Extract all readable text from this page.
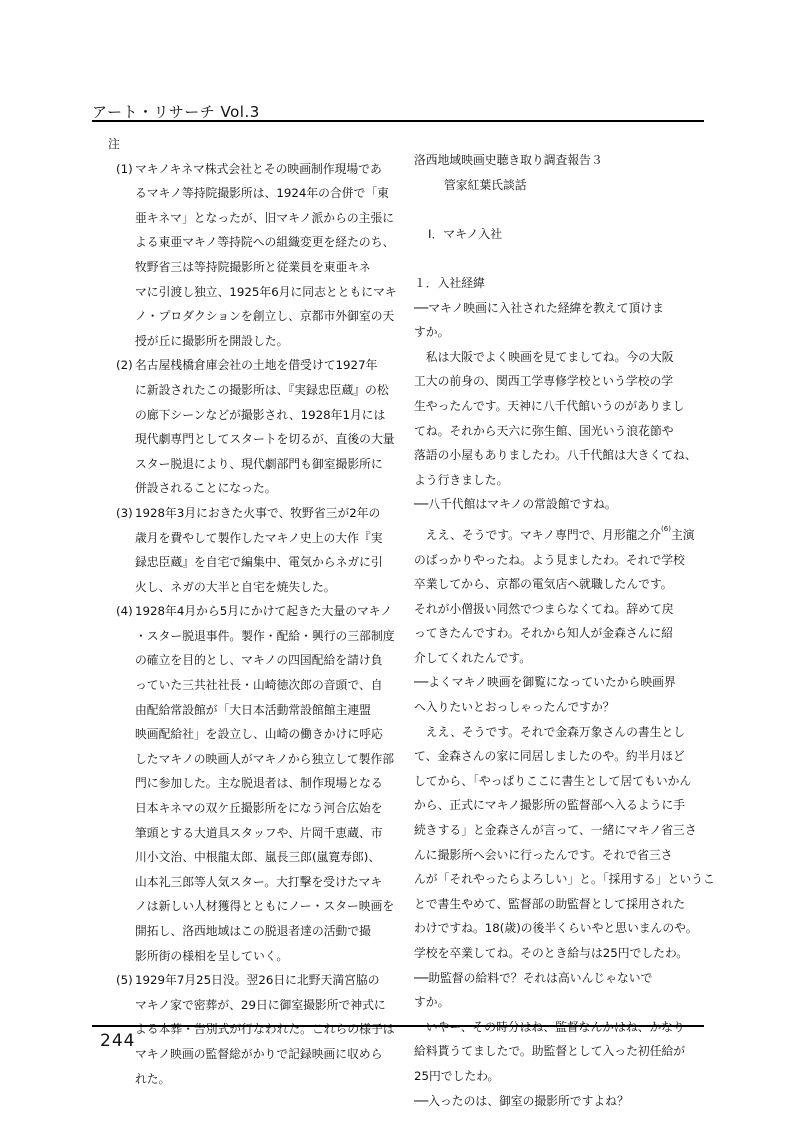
アート・リサーチ Vol.3
注
(1) マキノキネマ株式会社とその映画制作現場であ
るマキノ等持院撮影所は、1924年の合併で「東
亜キネマ」となったが、旧マキノ派からの主張に
よる東亜マキノ等持院への組織変更を経たのち、
牧野省三は等持院撮影所と従業員を東亜キネ
マに引渡し独立、1925年6月に同志とともにマキ
ノ・プロダクションを創立し、京都市外御室の天
授が丘に撮影所を開設した。
(2) 名古屋桟橋倉庫会社の土地を借受けて1927年
に新設されたこの撮影所は、『実録忠臣蔵』の松
の廊下シーンなどが撮影され、1928年1月には
現代劇専門としてスタートを切るが、直後の大量
スター脱退により、現代劇部門も御室撮影所に
併設されることになった。
(3) 1928年3月におきた火事で、牧野省三が2年の
歳月を費やして製作したマキノ史上の大作『実
録忠臣蔵』を自宅で編集中、電気からネガに引
火し、ネガの大半と自宅を焼失した。
(4) 1928年4月から5月にかけて起きた大量のマキノ
・スター脱退事件。製作・配給・興行の三部制度
の確立を目的とし、マキノの四国配給を請け負
っていた三共社社長・山崎徳次郎の音頭で、自
由配給常設館が「大日本活動常設館館主連盟
映画配給社」を設立し、山崎の働きかけに呼応
したマキノの映画人がマキノから独立して製作部
門に参加した。主な脱退者は、制作現場となる
日本キネマの双ケ丘撮影所をになう河合広始を
筆頭とする大道具スタッフや、片岡千恵蔵、市
川小文治、中根龍太郎、嵐長三郎(嵐寛寿郎)、
山本礼三郎等人気スター。大打撃を受けたマキ
ノは新しい人材獲得とともにノー・スター映画を
開拓し、洛西地域はこの脱退者達の活動で撮
影所街の様相を呈していく。
(5) 1929年7月25日没。翌26日に北野天満宮脇の
マキノ家で密葬が、29日に御室撮影所で神式に
よる本葬・告別式が行なわれた。これらの様子は
マキノ映画の監督総がかりで記録映画に収めら
れた。
洛西地域映画史聴き取り調査報告３
管家紅葉氏談話
Ⅰ．マキノ入社
１．入社経緯
──マキノ映画に入社された経緯を教えて頂けま
すか。
　私は大阪でよく映画を見てましてね。今の大阪
工大の前身の、関西工学専修学校という学校の学
生やったんです。天神に八千代館いうのがありまし
てね。それから天六に弥生館、国光いう浪花節や
落語の小屋もありましたわ。八千代館は大きくてね、
よう行きました。
──八千代館はマキノの常設館ですね。
　ええ、そうです。マキノ専門で、月形龍之介$^{(6)}$主演
のばっかりやったね。よう見ましたわ。それで学校
卒業してから、京都の電気店へ就職したんです。
それが小僧扱い同然でつまらなくてね。辞めて戻
ってきたんですわ。それから知人が金森さんに紹
介してくれたんです。
──よくマキノ映画を御覧になっていたから映画界
へ入りたいとおっしゃったんですか？
　ええ、そうです。それで金森万象さんの書生とし
て、金森さんの家に同居しましたのや。約半月ほど
してから、「やっぱりここに書生として居てもいかん
から、正式にマキノ撮影所の監督部へ入るように手
続きする」と金森さんが言って、一緒にマキノ省三さ
んに撮影所へ会いに行ったんです。それで省三さ
んが「それやったらよろしい」と。「採用する」というこ
とで書生やめて、監督部の助監督として採用された
わけですね。18(歳)の後半くらいやと思いまんのや。
学校を卒業してね。そのとき給与は25円でしたわ。
──助監督の給料で？それは高いんじゃないで
すか。
　いやー、その時分はね、監督なんかはね、かなり
給料貰うてましたで。助監督として入った初任給が
25円でしたわ。
──入ったのは、御室の撮影所ですよね？
244
